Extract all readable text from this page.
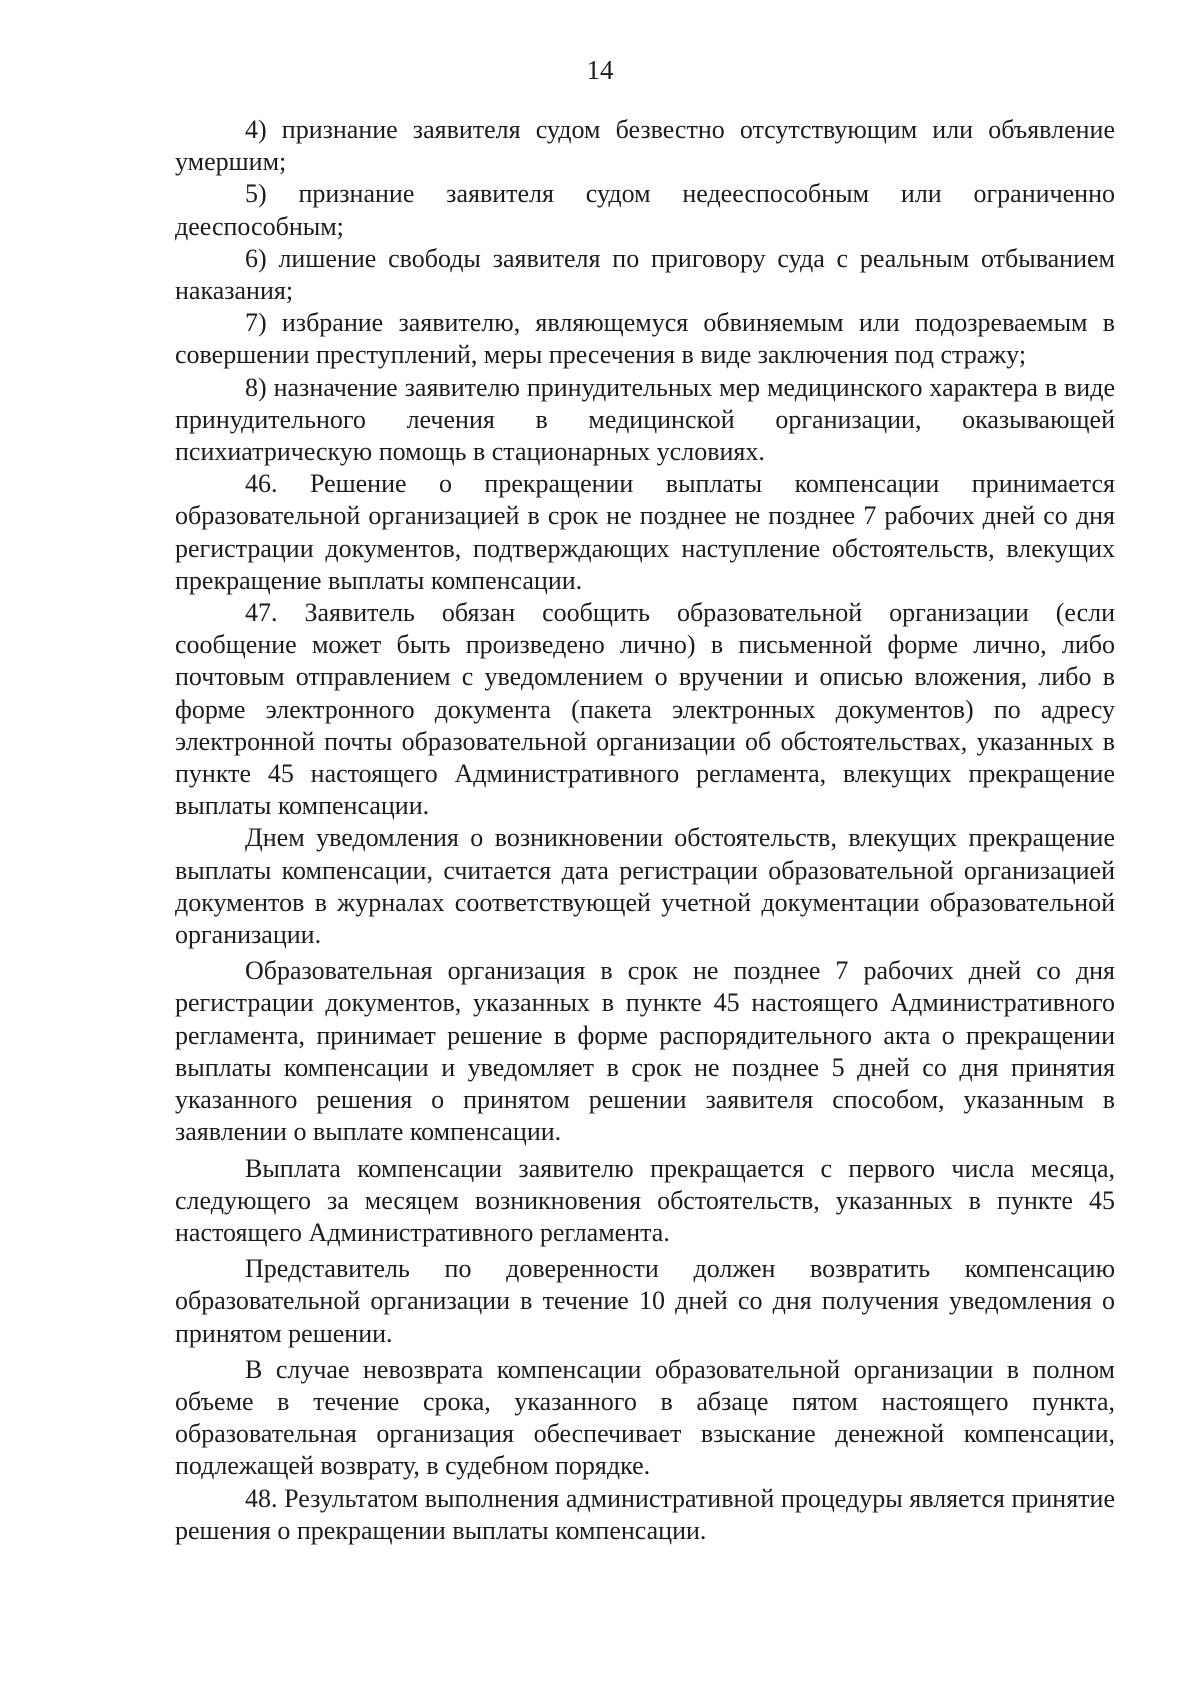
14

4) признание заявителя судом безвестно отсутствующим или объявление умершим;

5) признание заявителя судом недееспособным или ограниченно дееспособным;

6) лишение свободы заявителя по приговору суда с реальным отбыванием наказания;

7) избрание заявителю, являющемуся обвиняемым или подозреваемым в совершении преступлений, меры пресечения в виде заключения под стражу;

8) назначение заявителю принудительных мер медицинского характера в виде принудительного лечения в медицинской организации, оказывающей психиатрическую помощь в стационарных условиях.

46. Решение о прекращении выплаты компенсации принимается образовательной организацией в срок не позднее не позднее 7 рабочих дней со дня регистрации документов, подтверждающих наступление обстоятельств, влекущих прекращение выплаты компенсации.

47. Заявитель обязан сообщить образовательной организации (если сообщение может быть произведено лично) в письменной форме лично, либо почтовым отправлением с уведомлением о вручении и описью вложения, либо в форме электронного документа (пакета электронных документов) по адресу электронной почты образовательной организации об обстоятельствах, указанных в пункте 45 настоящего Административного регламента, влекущих прекращение выплаты компенсации.

Днем уведомления о возникновении обстоятельств, влекущих прекращение выплаты компенсации, считается дата регистрации образовательной организацией документов в журналах соответствующей учетной документации образовательной организации.

Образовательная организация в срок не позднее 7 рабочих дней со дня регистрации документов, указанных в пункте 45 настоящего Административного регламента, принимает решение в форме распорядительного акта о прекращении выплаты компенсации и уведомляет в срок не позднее 5 дней со дня принятия указанного решения о принятом решении заявителя способом, указанным в заявлении о выплате компенсации.

Выплата компенсации заявителю прекращается с первого числа месяца, следующего за месяцем возникновения обстоятельств, указанных в пункте 45 настоящего Административного регламента.

Представитель по доверенности должен возвратить компенсацию образовательной организации в течение 10 дней со дня получения уведомления о принятом решении.

В случае невозврата компенсации образовательной организации в полном объеме в течение срока, указанного в абзаце пятом настоящего пункта, образовательная организация обеспечивает взыскание денежной компенсации, подлежащей возврату, в судебном порядке.

48. Результатом выполнения административной процедуры является принятие решения о прекращении выплаты компенсации.
